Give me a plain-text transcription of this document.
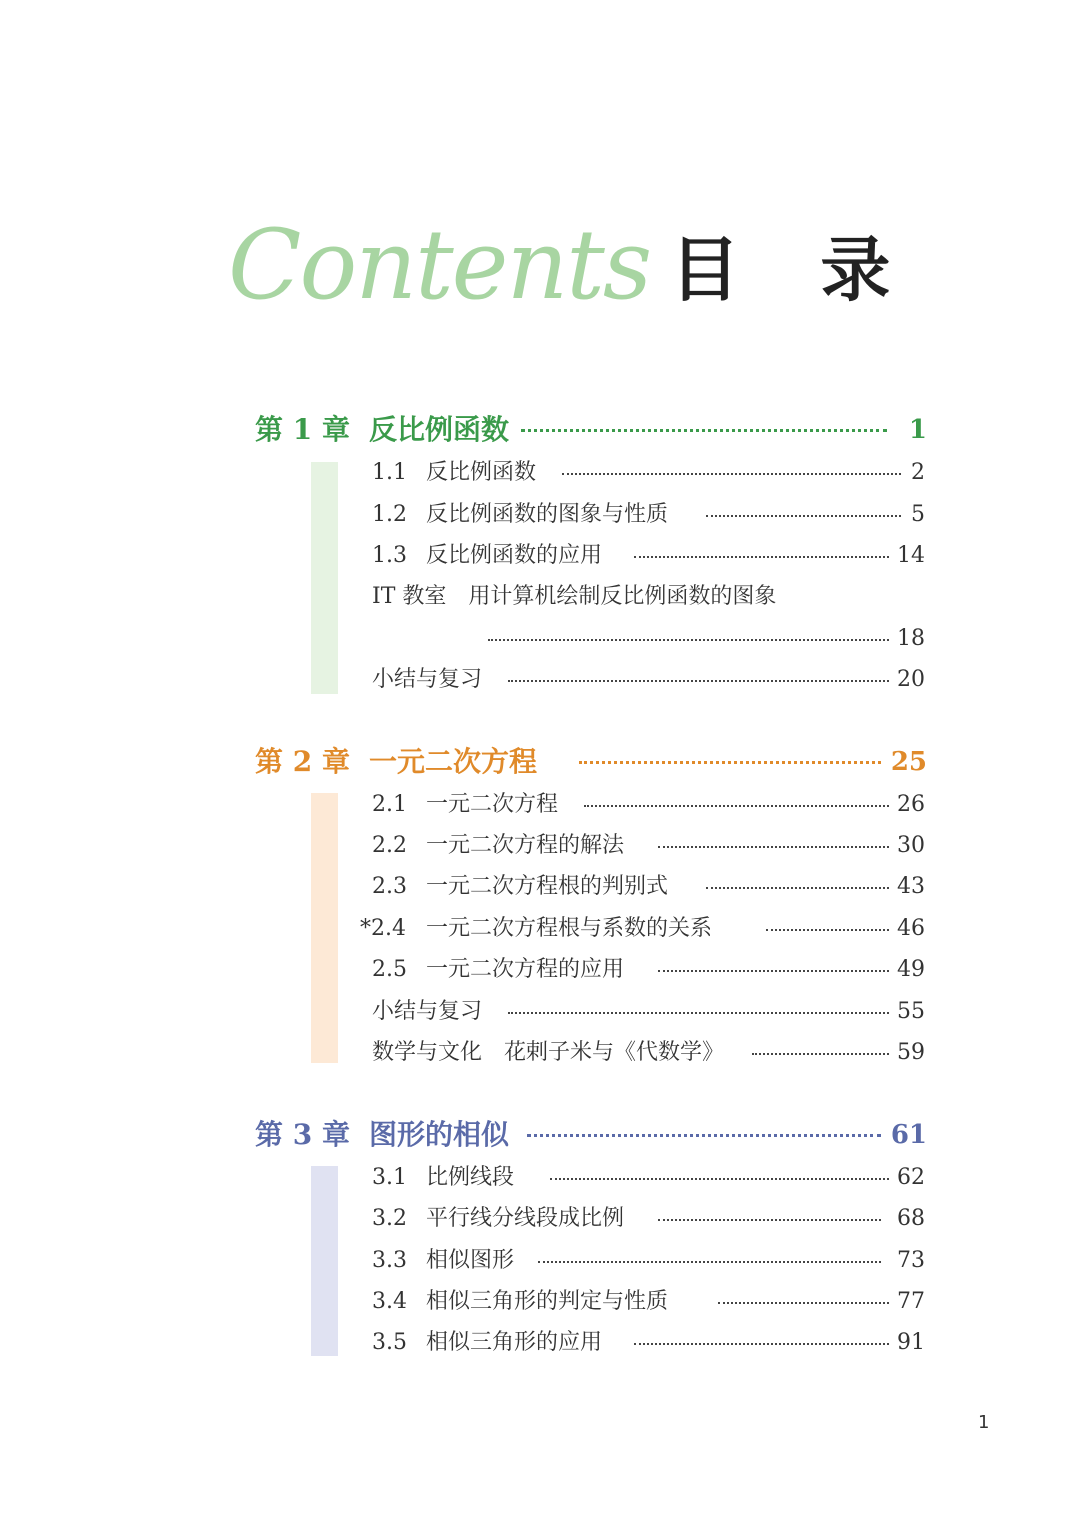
Contents 目 录
第 1 章 反比例函数	1
1.1 反比例函数	2
1.2 反比例函数的图象与性质	5
1.3 反比例函数的应用	14
IT 教室　用计算机绘制反比例函数的图象
18
小结与复习	20
第 2 章 一元二次方程	25
2.1 一元二次方程	26
2.2 一元二次方程的解法	30
2.3 一元二次方程根的判别式	43
*2.4 一元二次方程根与系数的关系	46
2.5 一元二次方程的应用	49
小结与复习	55
数学与文化　花剌子米与《代数学》	59
第 3 章 图形的相似	61
3.1 比例线段	62
3.2 平行线分线段成比例	68
3.3 相似图形	73
3.4 相似三角形的判定与性质	77
3.5 相似三角形的应用	91
1
